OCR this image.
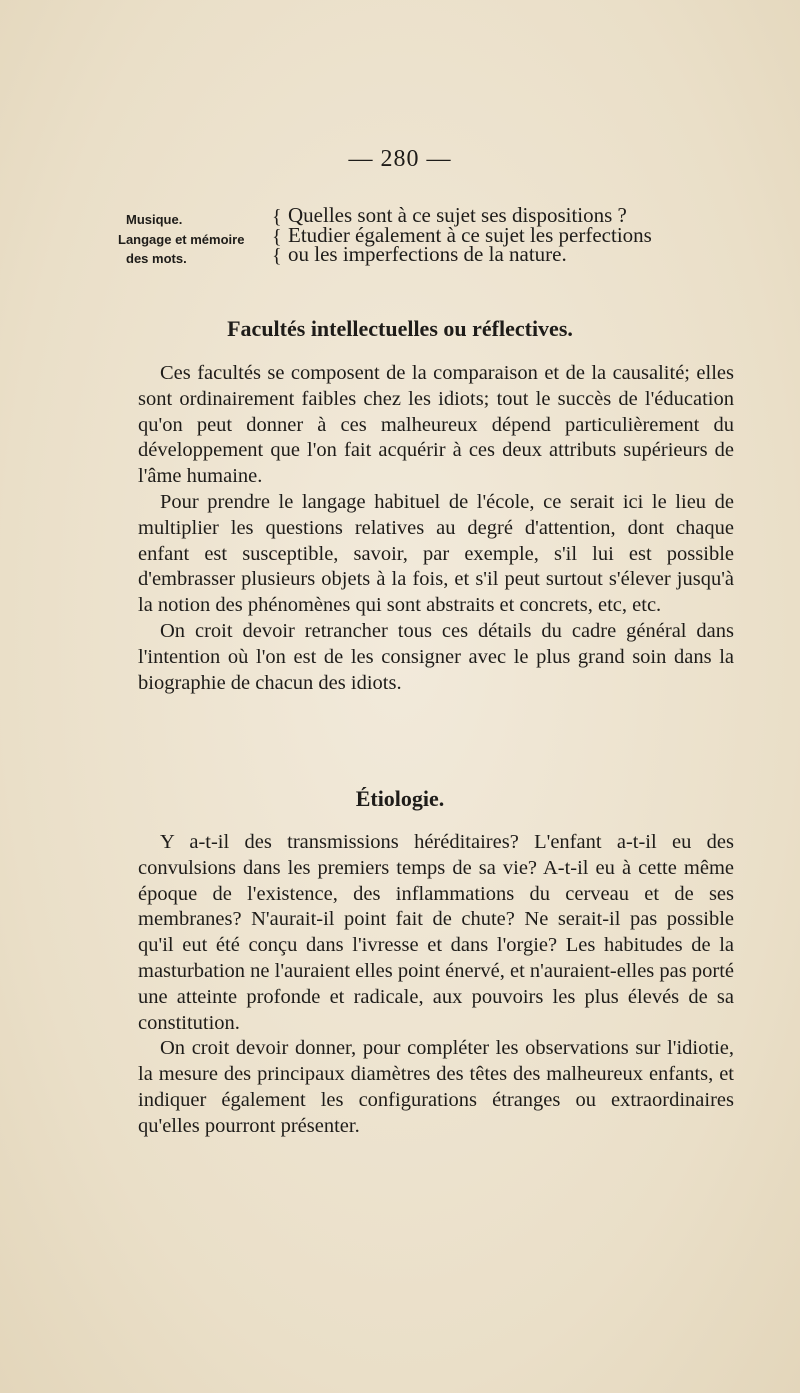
— 280 —
Musique.
Langage et mémoire
des mots.
{
{
{
Quelles sont à ce sujet ses dispositions ?
Etudier également à ce sujet les perfections
ou les imperfections de la nature.
Facultés intellectuelles ou réflectives.

Ces facultés se composent de la comparaison et de la causalité; elles sont ordinairement faibles chez les idiots; tout le succès de l'éducation qu'on peut donner à ces malheureux dépend particulièrement du développement que l'on fait acquérir à ces deux attributs supérieurs de l'âme humaine.

Pour prendre le langage habituel de l'école, ce serait ici le lieu de multiplier les questions relatives au degré d'attention, dont chaque enfant est susceptible, savoir, par exemple, s'il lui est possible d'embrasser plusieurs objets à la fois, et s'il peut surtout s'élever jusqu'à la notion des phénomènes qui sont abstraits et concrets, etc, etc.

On croit devoir retrancher tous ces détails du cadre général dans l'intention où l'on est de les consigner avec le plus grand soin dans la biographie de chacun des idiots.

Étiologie.

Y a-t-il des transmissions héréditaires? L'enfant a-t-il eu des convulsions dans les premiers temps de sa vie? A-t-il eu à cette même époque de l'existence, des inflammations du cerveau et de ses membranes? N'aurait-il point fait de chute? Ne serait-il pas possible qu'il eut été conçu dans l'ivresse et dans l'orgie? Les habitudes de la masturbation ne l'auraient elles point énervé, et n'auraient-elles pas porté une atteinte profonde et radicale, aux pouvoirs les plus élevés de sa constitution.

On croit devoir donner, pour compléter les observations sur l'idiotie, la mesure des principaux diamètres des têtes des malheureux enfants, et indiquer également les configurations étranges ou extraordinaires qu'elles pourront présenter.
